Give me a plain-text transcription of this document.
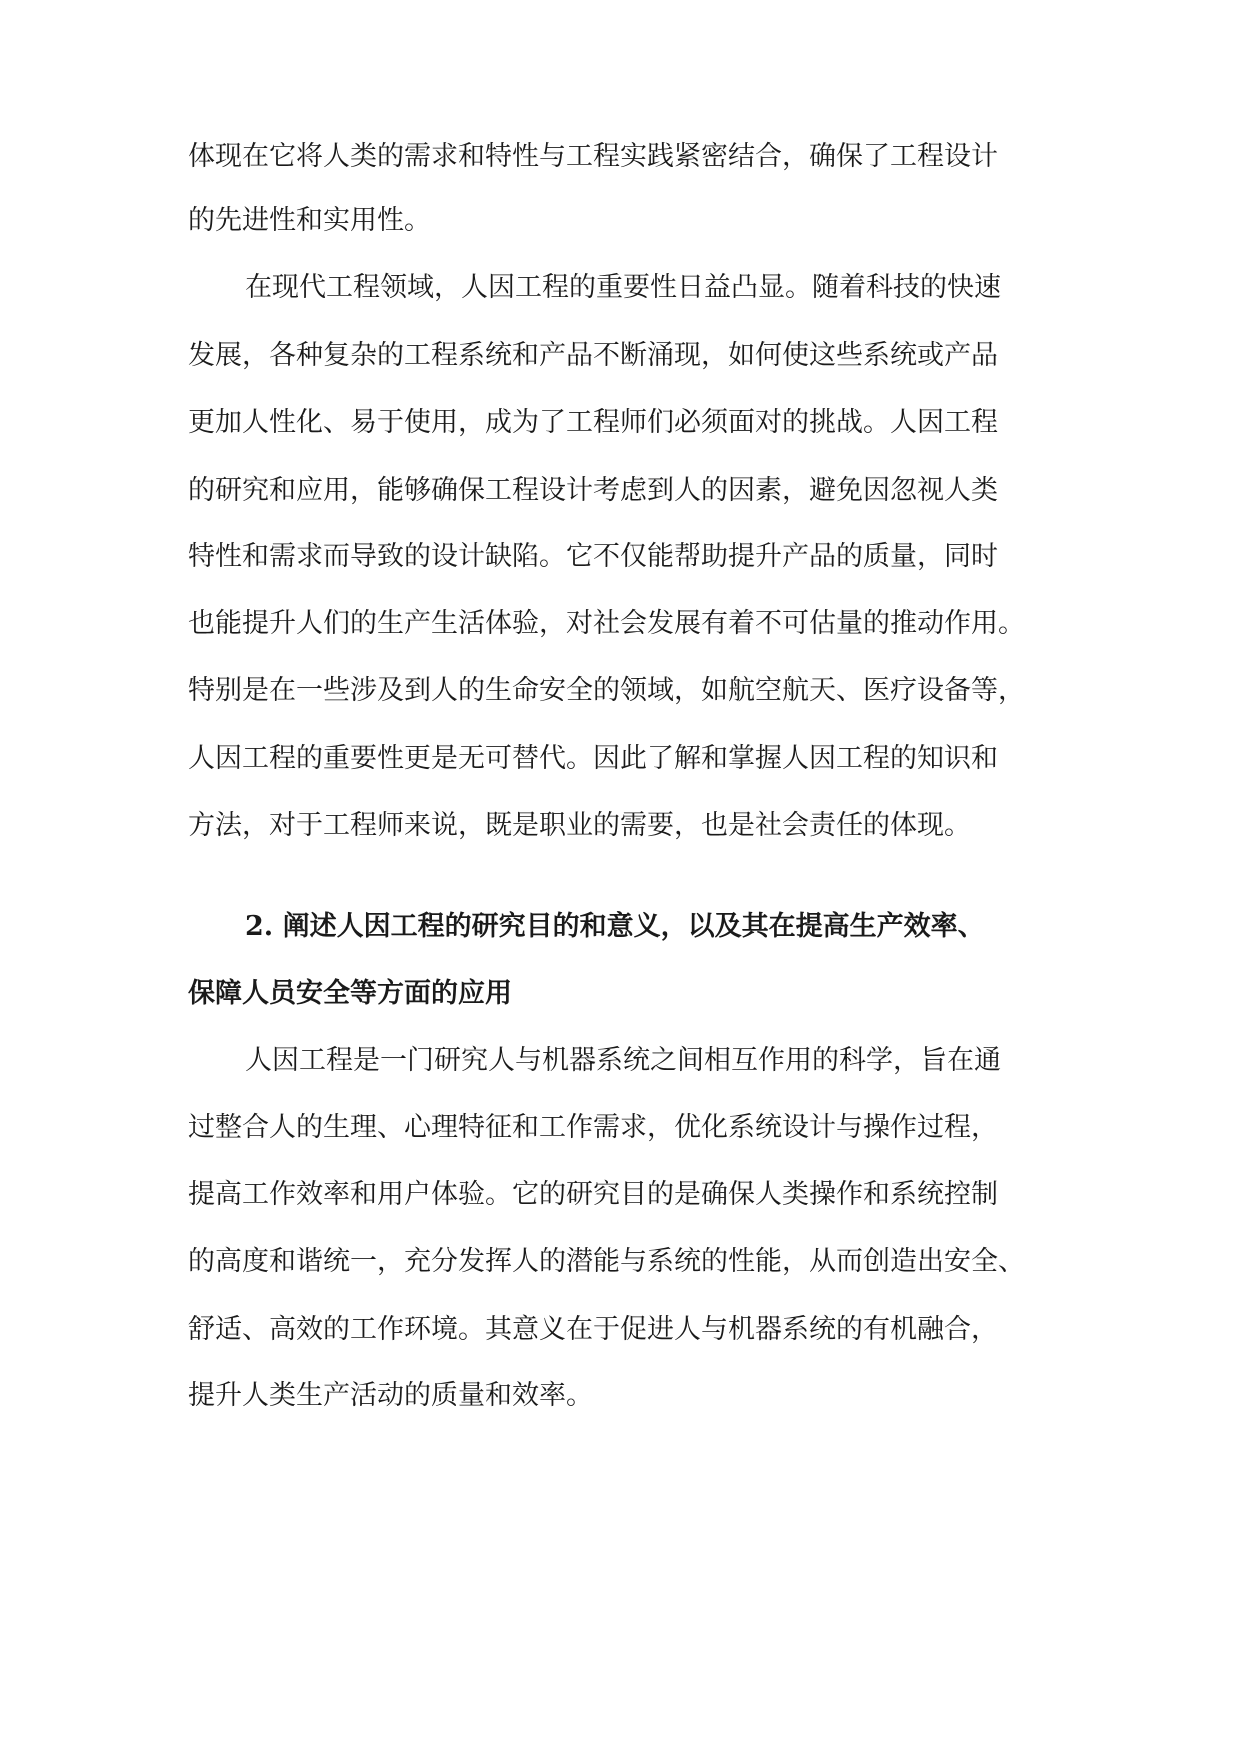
体现在它将人类的需求和特性与工程实践紧密结合，确保了工程设计
的先进性和实用性。
在现代工程领域，人因工程的重要性日益凸显。随着科技的快速
发展，各种复杂的工程系统和产品不断涌现，如何使这些系统或产品
更加人性化、易于使用，成为了工程师们必须面对的挑战。人因工程
的研究和应用，能够确保工程设计考虑到人的因素，避免因忽视人类
特性和需求而导致的设计缺陷。它不仅能帮助提升产品的质量，同时
也能提升人们的生产生活体验，对社会发展有着不可估量的推动作用。
特别是在一些涉及到人的生命安全的领域，如航空航天、医疗设备等，
人因工程的重要性更是无可替代。因此了解和掌握人因工程的知识和
方法，对于工程师来说，既是职业的需要，也是社会责任的体现。
2. 阐述人因工程的研究目的和意义，以及其在提高生产效率、
保障人员安全等方面的应用
人因工程是一门研究人与机器系统之间相互作用的科学，旨在通
过整合人的生理、心理特征和工作需求，优化系统设计与操作过程，
提高工作效率和用户体验。它的研究目的是确保人类操作和系统控制
的高度和谐统一，充分发挥人的潜能与系统的性能，从而创造出安全、
舒适、高效的工作环境。其意义在于促进人与机器系统的有机融合，
提升人类生产活动的质量和效率。
